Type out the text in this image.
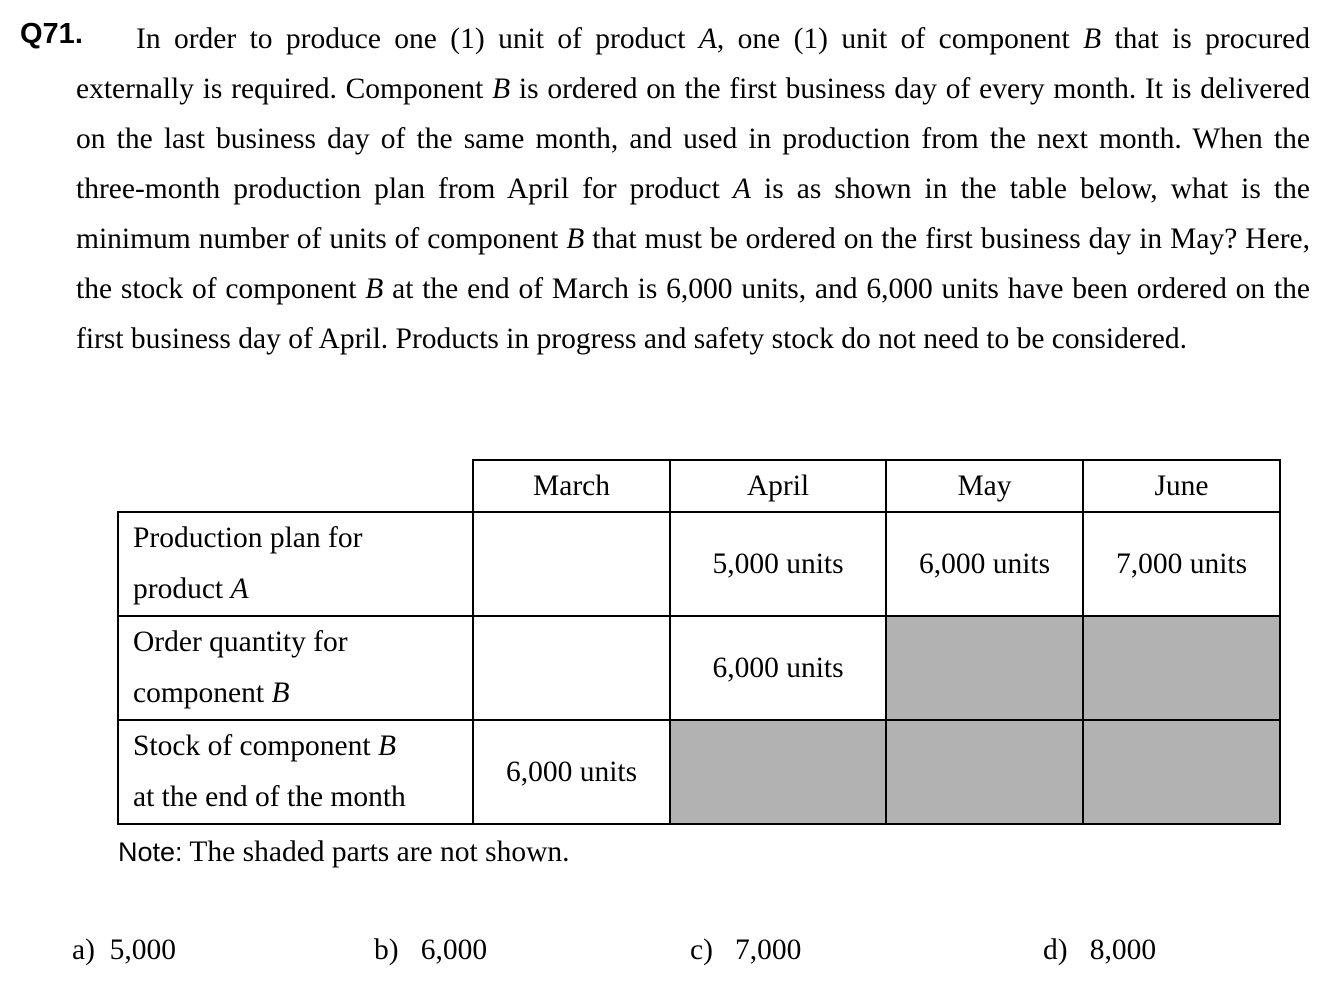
Q71.	In order to produce one (1) unit of product A, one (1) unit of component B that is procured externally is required. Component B is ordered on the first business day of every month. It is delivered on the last business day of the same month, and used in production from the next month. When the three-month production plan from April for product A is as shown in the table below, what is the minimum number of units of component B that must be ordered on the first business day in May? Here, the stock of component B at the end of March is 6,000 units, and 6,000 units have been ordered on the first business day of April. Products in progress and safety stock do not need to be considered.
	March	April	May	June
Production plan for
product A		5,000 units	6,000 units	7,000 units
Order quantity for
component B		6,000 units		
Stock of component B
at the end of the month	6,000 units			
Note: The shaded parts are not shown.
a) 5,000	b) 6,000	c) 7,000	d) 8,000
